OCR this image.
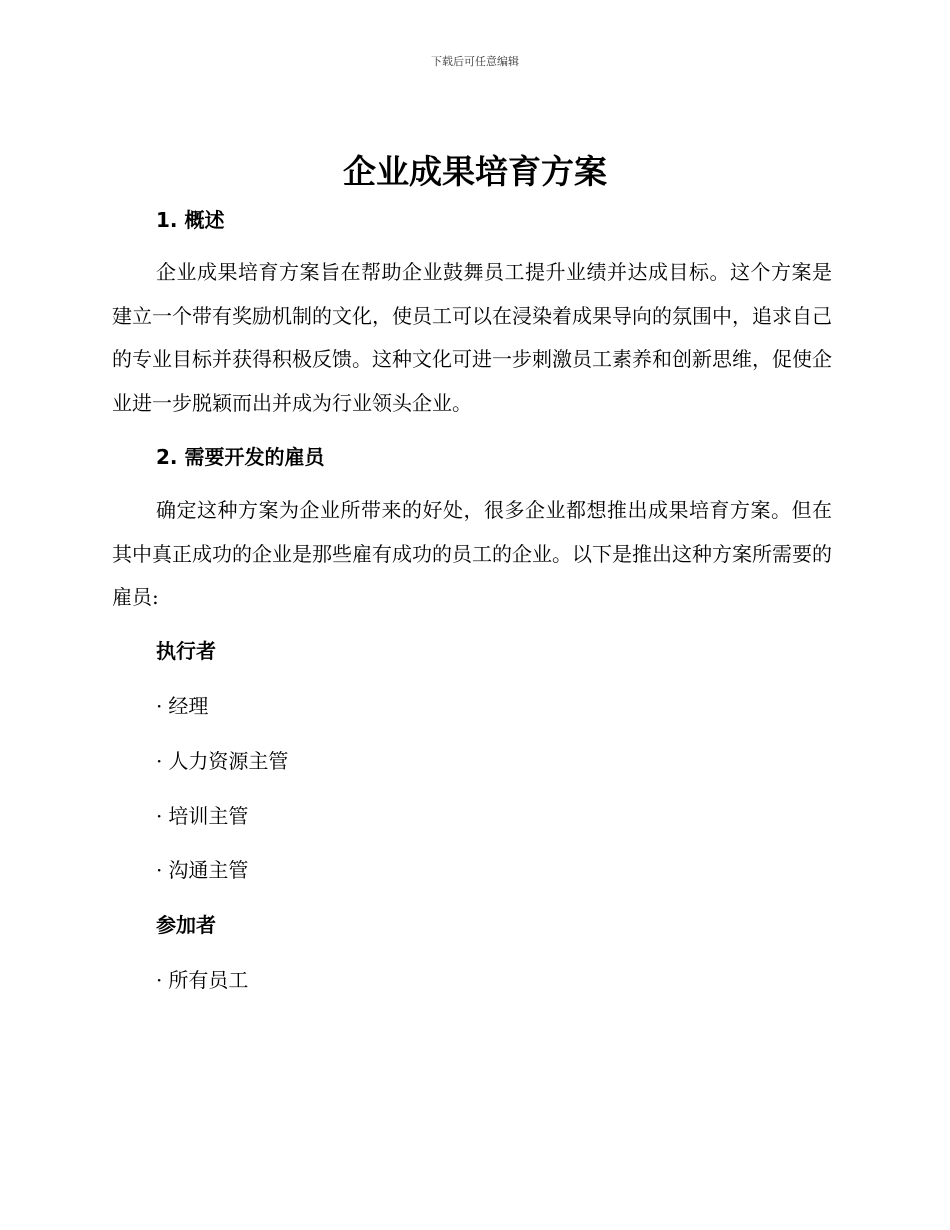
下载后可任意编辑
企业成果培育方案
1. 概述

企业成果培育方案旨在帮助企业鼓舞员工提升业绩并达成目标。这个方案是建立一个带有奖励机制的文化，使员工可以在浸染着成果导向的氛围中，追求自己的专业目标并获得积极反馈。这种文化可进一步刺激员工素养和创新思维，促使企业进一步脱颖而出并成为行业领头企业。

2. 需要开发的雇员

确定这种方案为企业所带来的好处，很多企业都想推出成果培育方案。但在其中真正成功的企业是那些雇有成功的员工的企业。以下是推出这种方案所需要的雇员:

执行者
· 经理
· 人力资源主管
· 培训主管
· 沟通主管
参加者
· 所有员工
